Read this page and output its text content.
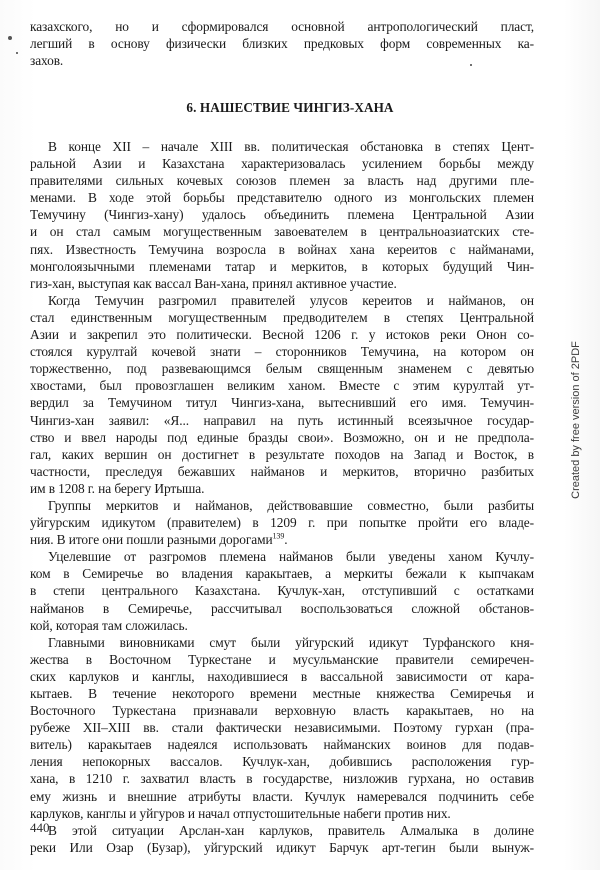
казахского, но и сформировался основной антропологический пласт,
легший в основу физически близких предковых форм современных ка-
захов.
6. НАШЕСТВИЕ ЧИНГИЗ-ХАНА
В конце XII – начале XIII вв. политическая обстановка в степях Цент-
ральной Азии и Казахстана характеризовалась усилением борьбы между
правителями сильных кочевых союзов племен за власть над другими пле-
менами. В ходе этой борьбы представителю одного из монгольских племен
Темучину (Чингиз-хану) удалось объединить племена Центральной Азии
и он стал самым могущественным завоевателем в центральноазиатских сте-
пях. Известность Темучина возросла в войнах хана кереитов с найманами,
монголоязычными племенами татар и меркитов, в которых будущий Чин-
гиз-хан, выступая как вассал Ван-хана, принял активное участие.
Когда Темучин разгромил правителей улусов кереитов и найманов, он
стал единственным могущественным предводителем в степях Центральной
Азии и закрепил это политически. Весной 1206 г. у истоков реки Онон со-
стоялся курултай кочевой знати – сторонников Темучина, на котором он
торжественно, под развевающимся белым священным знаменем с девятью
хвостами, был провозглашен великим ханом. Вместе с этим курултай ут-
вердил за Темучином титул Чингиз-хана, вытеснивший его имя. Темучин-
Чингиз-хан заявил: «Я... направил на путь истинный всеязычное государ-
ство и ввел народы под единые бразды свои». Возможно, он и не предпола-
гал, каких вершин он достигнет в результате походов на Запад и Восток, в
частности, преследуя бежавших найманов и меркитов, вторично разбитых
им в 1208 г. на берегу Иртыша.
Группы меркитов и найманов, действовавшие совместно, были разбиты
уйгурским идикутом (правителем) в 1209 г. при попытке пройти его владе-
ния. В итоге они пошли разными дорогами$^{139}$.
Уцелевшие от разгромов племена найманов были уведены ханом Кучлу-
ком в Семиречье во владения каракытаев, а меркиты бежали к кыпчакам
в степи центрального Казахстана. Кучлук-хан, отступивший с остатками
найманов в Семиречье, рассчитывал воспользоваться сложной обстанов-
кой, которая там сложилась.
Главными виновниками смут были уйгурский идикут Турфанского кня-
жества в Восточном Туркестане и мусульманские правители семиречен-
ских карлуков и канглы, находившиеся в вассальной зависимости от кара-
кытаев. В течение некоторого времени местные княжества Семиречья и
Восточного Туркестана признавали верховную власть каракытаев, но на
рубеже XII–XIII вв. стали фактически независимыми. Поэтому гурхан (пра-
витель) каракытаев надеялся использовать найманских воинов для подав-
ления непокорных вассалов. Кучлук-хан, добившись расположения гур-
хана, в 1210 г. захватил власть в государстве, низложив гурхана, но оставив
ему жизнь и внешние атрибуты власти. Кучлук намеревался подчинить себе
карлуков, канглы и уйгуров и начал отпустошительные набеги против них.
В этой ситуации Арслан-хан карлуков, правитель Алмалыка в долине
реки Или Озар (Бузар), уйгурский идикут Барчук арт-тегин были вынуж-
Created by free version of 2PDF
440
